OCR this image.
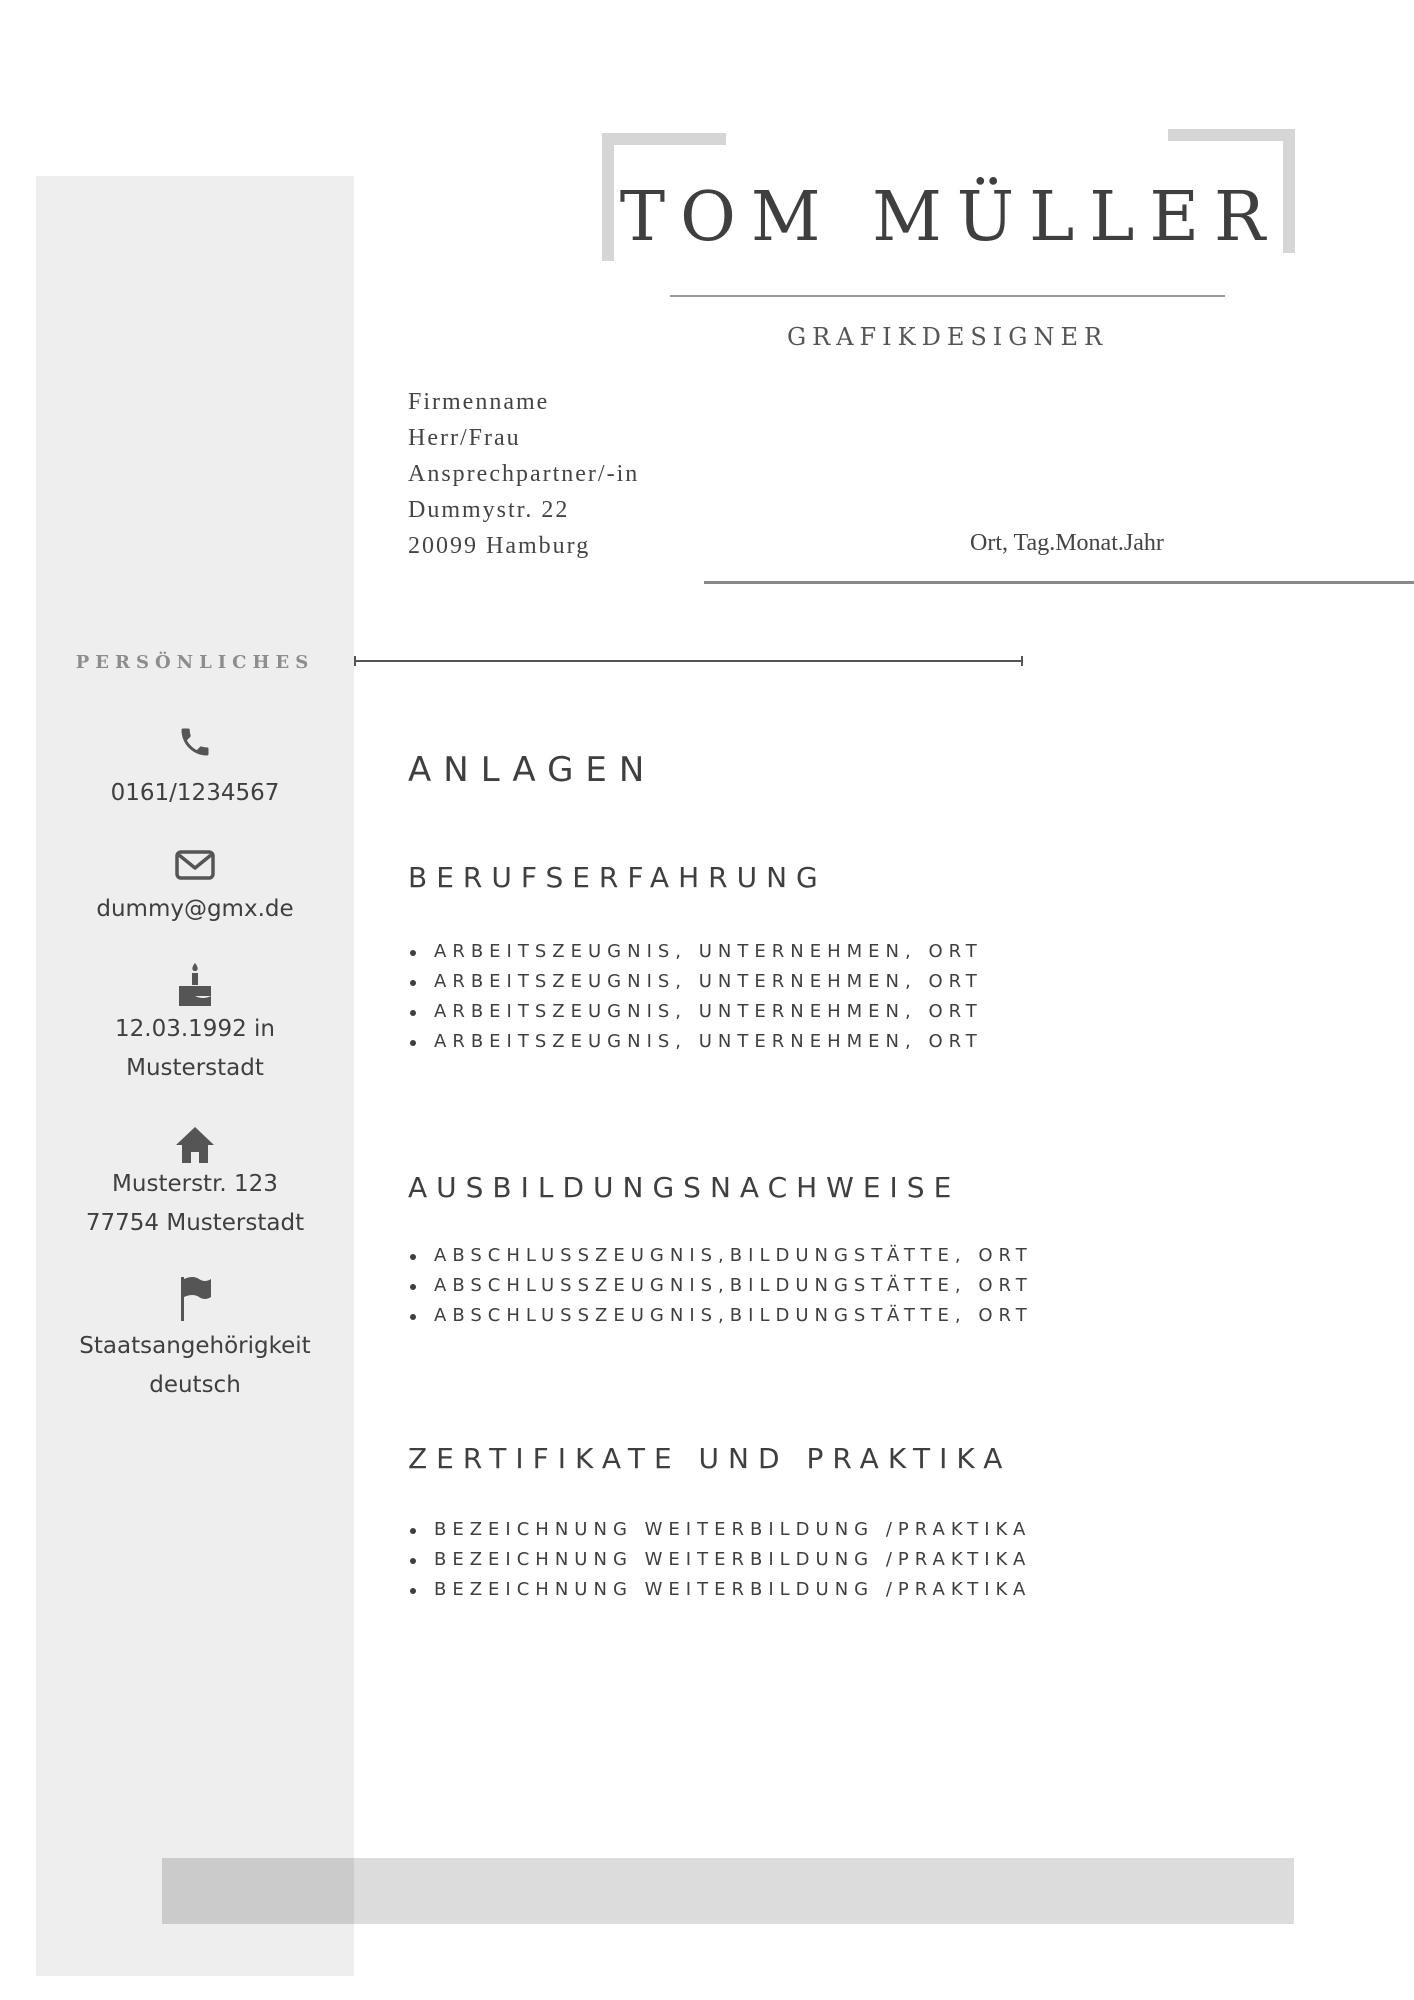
TOM MÜLLER
GRAFIKDESIGNER
Firmenname
Herr/Frau
Ansprechpartner/-in
Dummystr. 22
20099 Hamburg	Ort, Tag.Monat.Jahr
PERSÖNLICHES
0161/1234567
dummy@gmx.de
12.03.1992 in
Musterstadt
Musterstr. 123
77754 Musterstadt
Staatsangehörigkeit
deutsch
ANLAGEN
BERUFSERFAHRUNG
ARBEITSZEUGNIS, UNTERNEHMEN, ORT
ARBEITSZEUGNIS, UNTERNEHMEN, ORT
ARBEITSZEUGNIS, UNTERNEHMEN, ORT
ARBEITSZEUGNIS, UNTERNEHMEN, ORT
AUSBILDUNGSNACHWEISE
ABSCHLUSSZEUGNIS,BILDUNGSTÄTTE, ORT
ABSCHLUSSZEUGNIS,BILDUNGSTÄTTE, ORT
ABSCHLUSSZEUGNIS,BILDUNGSTÄTTE, ORT
ZERTIFIKATE UND PRAKTIKA
BEZEICHNUNG WEITERBILDUNG /PRAKTIKA
BEZEICHNUNG WEITERBILDUNG /PRAKTIKA
BEZEICHNUNG WEITERBILDUNG /PRAKTIKA
